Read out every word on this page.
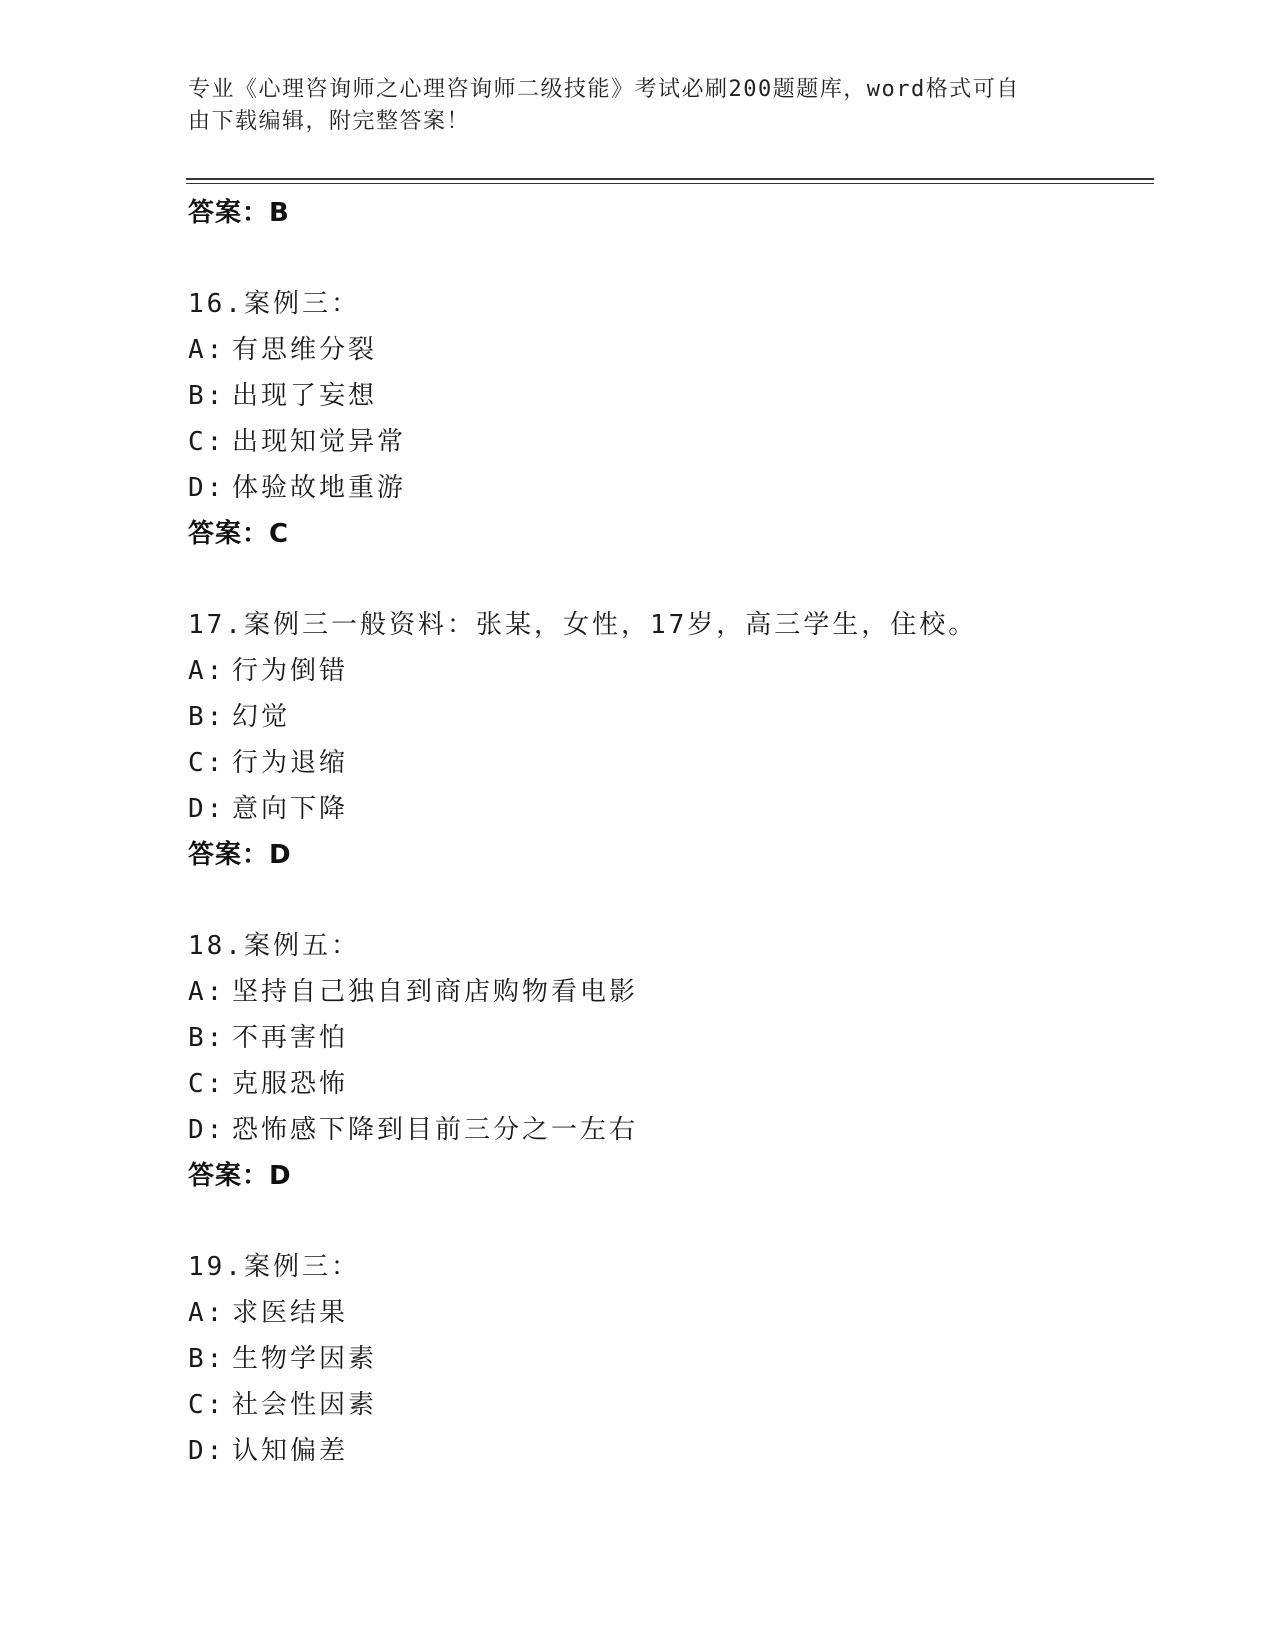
专业《心理咨询师之心理咨询师二级技能》考试必刷200题题库，word格式可自
由下载编辑，附完整答案！
答案：B
16.案例三：
A: 有思维分裂
B: 出现了妄想
C: 出现知觉异常
D: 体验故地重游
答案：C
17.案例三一般资料：张某，女性，17岁，高三学生，住校。
A: 行为倒错
B: 幻觉
C: 行为退缩
D: 意向下降
答案：D
18.案例五：
A: 坚持自己独自到商店购物看电影
B: 不再害怕
C: 克服恐怖
D: 恐怖感下降到目前三分之一左右
答案：D
19.案例三：
A: 求医结果
B: 生物学因素
C: 社会性因素
D: 认知偏差
